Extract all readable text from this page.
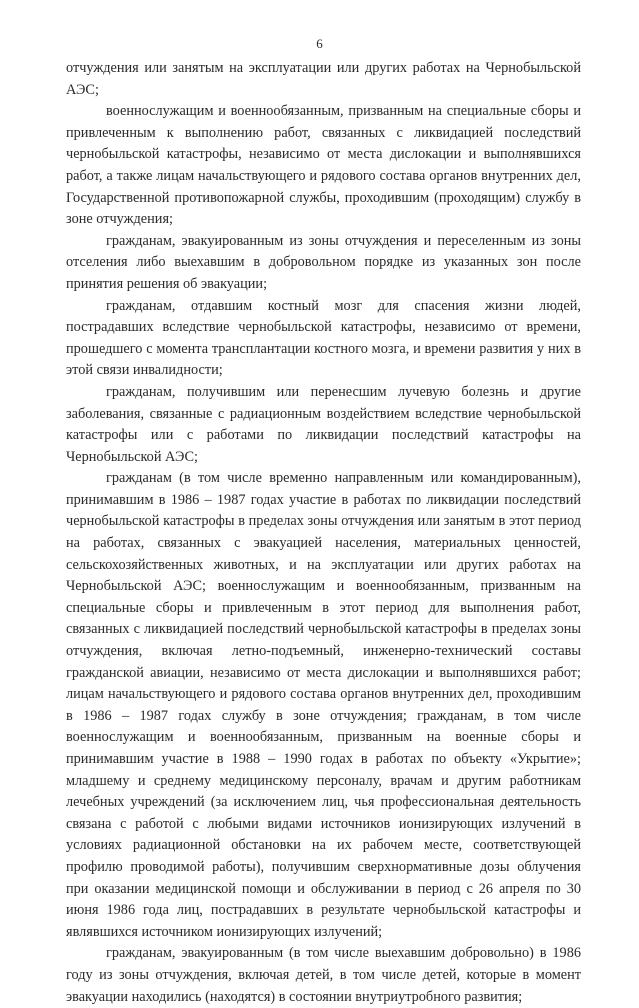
6

отчуждения или занятым на эксплуатации или других работах на Чернобыльской АЭС;

военнослужащим и военнообязанным, призванным на специальные сборы и привлеченным к выполнению работ, связанных с ликвидацией последствий чернобыльской катастрофы, независимо от места дислокации и выполнявшихся работ, а также лицам начальствующего и рядового состава органов внутренних дел, Государственной противопожарной службы, проходившим (проходящим) службу в зоне отчуждения;

гражданам, эвакуированным из зоны отчуждения и переселенным из зоны отселения либо выехавшим в добровольном порядке из указанных зон после принятия решения об эвакуации;

гражданам, отдавшим костный мозг для спасения жизни людей, пострадавших вследствие чернобыльской катастрофы, независимо от времени, прошедшего с момента трансплантации костного мозга, и времени развития у них в этой связи инвалидности;

гражданам, получившим или перенесшим лучевую болезнь и другие заболевания, связанные с радиационным воздействием вследствие чернобыльской катастрофы или с работами по ликвидации последствий катастрофы на Чернобыльской АЭС;

гражданам (в том числе временно направленным или командированным), принимавшим в 1986 – 1987 годах участие в работах по ликвидации последствий чернобыльской катастрофы в пределах зоны отчуждения или занятым в этот период на работах, связанных с эвакуацией населения, материальных ценностей, сельскохозяйственных животных, и на эксплуатации или других работах на Чернобыльской АЭС; военнослужащим и военнообязанным, призванным на специальные сборы и привлеченным в этот период для выполнения работ, связанных с ликвидацией последствий чернобыльской катастрофы в пределах зоны отчуждения, включая летно-подъемный, инженерно-технический составы гражданской авиации, независимо от места дислокации и выполнявшихся работ; лицам начальствующего и рядового состава органов внутренних дел, проходившим в 1986 – 1987 годах службу в зоне отчуждения; гражданам, в том числе военнослужащим и военнообязанным, призванным на военные сборы и принимавшим участие в 1988 – 1990 годах в работах по объекту «Укрытие»; младшему и среднему медицинскому персоналу, врачам и другим работникам лечебных учреждений (за исключением лиц, чья профессиональная деятельность связана с работой с любыми видами источников ионизирующих излучений в условиях радиационной обстановки на их рабочем месте, соответствующей профилю проводимой работы), получившим сверхнормативные дозы облучения при оказании медицинской помощи и обслуживании в период с 26 апреля по 30 июня 1986 года лиц, пострадавших в результате чернобыльской катастрофы и являвшихся источником ионизирующих излучений;

гражданам, эвакуированным (в том числе выехавшим добровольно) в 1986 году из зоны отчуждения, включая детей, в том числе детей, которые в момент эвакуации находились (находятся) в состоянии внутриутробного развития;
